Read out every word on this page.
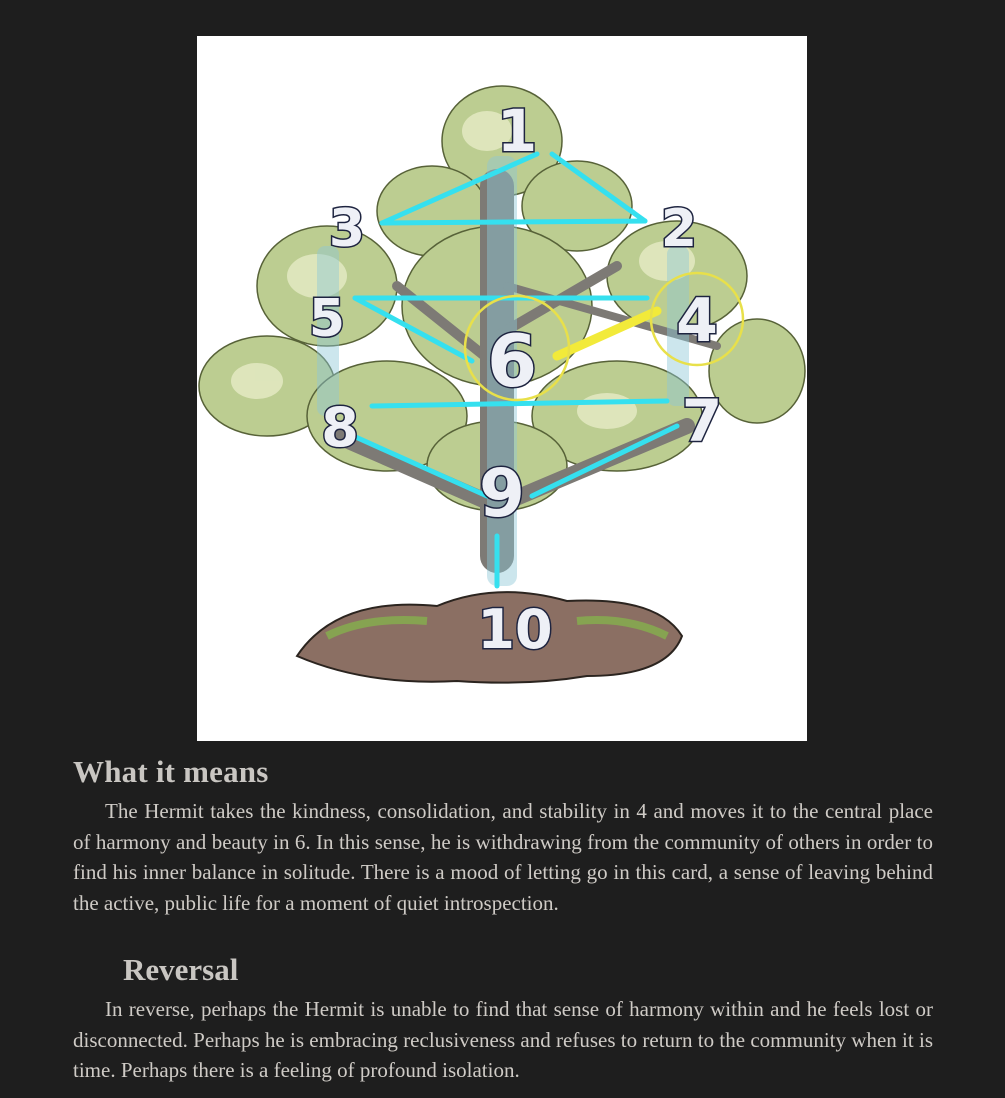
1
2
3
4
5 6
7
8
9
10
What it means

The Hermit takes the kindness, consolidation, and stability in 4 and moves it to the central place of harmony and beauty in 6. In this sense, he is withdrawing from the community of others in order to find his inner balance in solitude. There is a mood of letting go in this card, a sense of leaving behind the active, public life for a moment of quiet introspection.

Reversal

In reverse, perhaps the Hermit is unable to find that sense of harmony within and he feels lost or disconnected. Perhaps he is embracing reclusiveness and refuses to return to the community when it is time. Perhaps there is a feeling of profound isolation.
